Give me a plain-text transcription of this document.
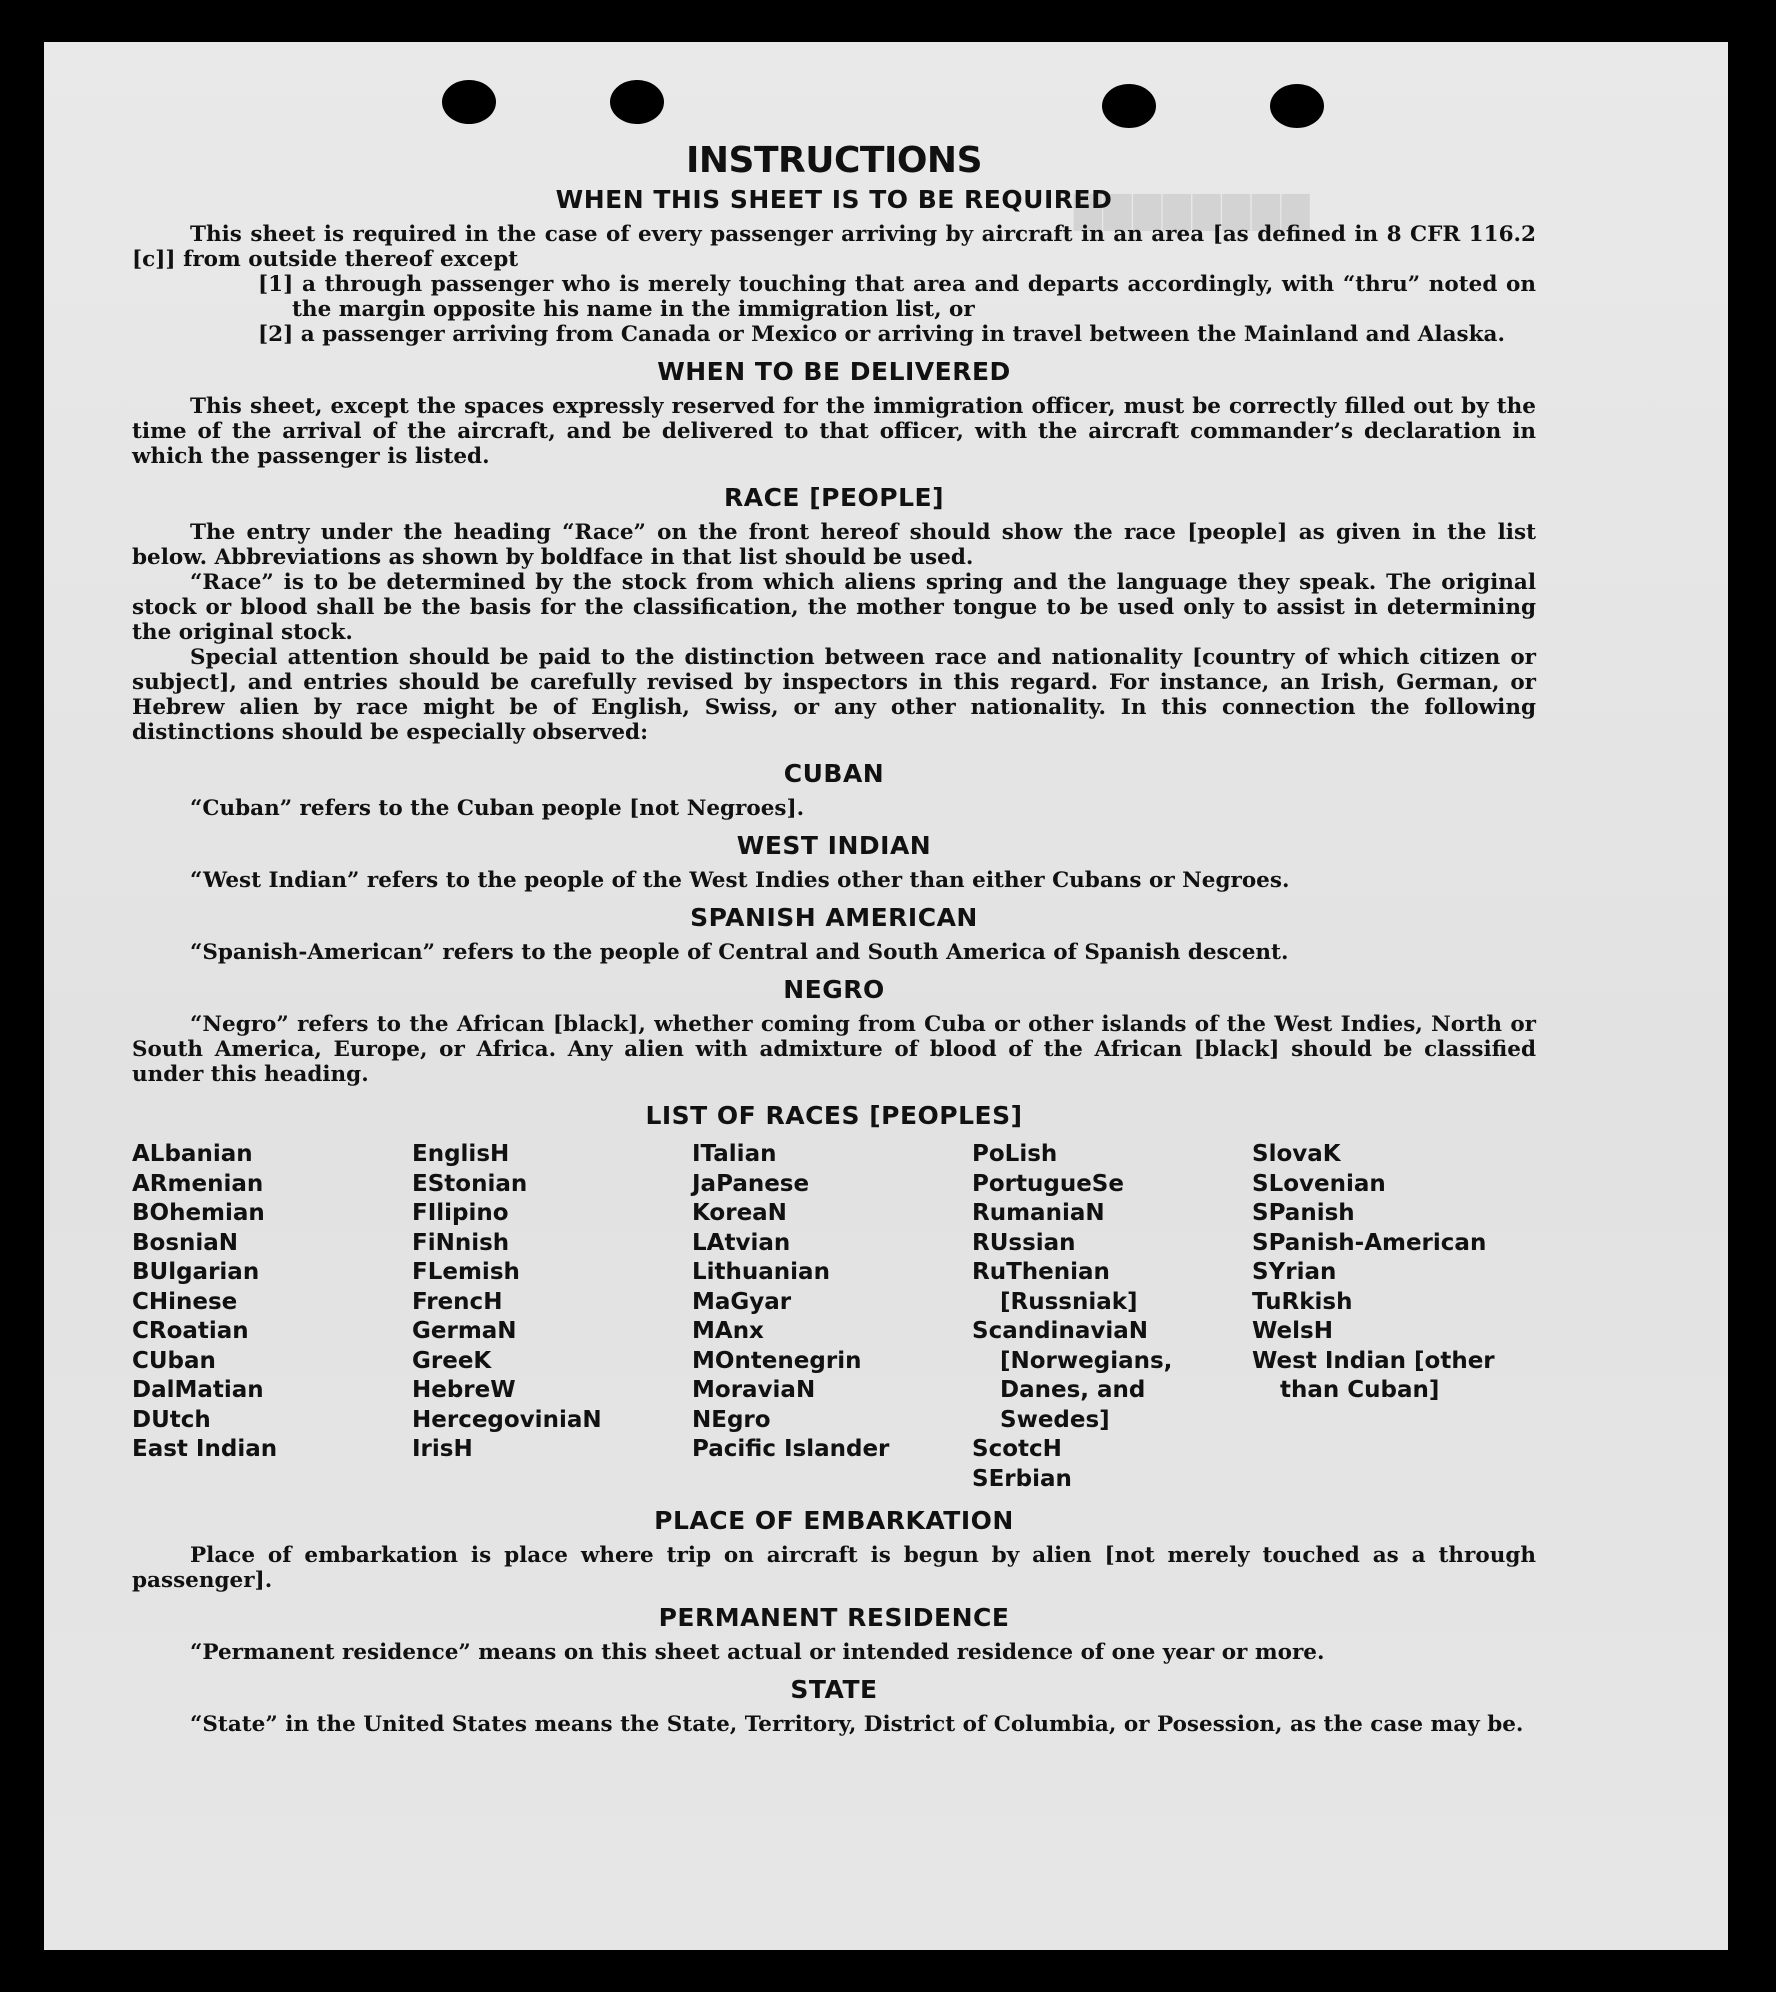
▇▇▇▇▇▇▇▇
INSTRUCTIONS
WHEN THIS SHEET IS TO BE REQUIRED

This sheet is required in the case of every passenger arriving by aircraft in an area [as defined in 8 CFR 116.2 [c]] from outside thereof except

[1] a through passenger who is merely touching that area and departs accordingly, with “thru” noted on the margin opposite his name in the immigration list, or
[2] a passenger arriving from Canada or Mexico or arriving in travel between the Mainland and Alaska.
WHEN TO BE DELIVERED

This sheet, except the spaces expressly reserved for the immigration officer, must be correctly filled out by the time of the arrival of the aircraft, and be delivered to that officer, with the aircraft commander’s declaration in which the passenger is listed.

RACE [PEOPLE]

The entry under the heading “Race” on the front hereof should show the race [people] as given in the list below. Abbreviations as shown by boldface in that list should be used.

“Race” is to be determined by the stock from which aliens spring and the language they speak. The original stock or blood shall be the basis for the classification, the mother tongue to be used only to assist in determining the original stock.

Special attention should be paid to the distinction between race and nationality [country of which citizen or subject], and entries should be carefully revised by inspectors in this regard. For instance, an Irish, German, or Hebrew alien by race might be of English, Swiss, or any other nationality. In this connection the following distinctions should be especially observed:

CUBAN

“Cuban” refers to the Cuban people [not Negroes].

WEST INDIAN

“West Indian” refers to the people of the West Indies other than either Cubans or Negroes.

SPANISH AMERICAN

“Spanish-American” refers to the people of Central and South America of Spanish descent.

NEGRO

“Negro” refers to the African [black], whether coming from Cuba or other islands of the West Indies, North or South America, Europe, or Africa. Any alien with admixture of blood of the African [black] should be classified under this heading.

LIST OF RACES [PEOPLES]
ALbanian
ARmenian
BOhemian
BosniaN
BUlgarian
CHinese
CRoatian
CUban
DalMatian
DUtch
East Indian
EnglisH
EStonian
FIlipino
FiNnish
FLemish
FrencH
GermaN
GreeK
HebreW
HercegoviniaN
IrisH
ITalian
JaPanese
KoreaN
LAtvian
Lithuanian
MaGyar
MAnx
MOntenegrin
MoraviaN
NEgro
Pacific Islander
PoLish
PortugueSe
RumaniaN
RUssian
RuThenian [Russniak]
ScandinaviaN [Norwegians, Danes, and Swedes]
ScotcH
SErbian
SlovaK
SLovenian
SPanish
SPanish-American
SYrian
TuRkish
WelsH
West Indian [other than Cuban]
PLACE OF EMBARKATION

Place of embarkation is place where trip on aircraft is begun by alien [not merely touched as a through passenger].

PERMANENT RESIDENCE

“Permanent residence” means on this sheet actual or intended residence of one year or more.

STATE

“State” in the United States means the State, Territory, District of Columbia, or Posession, as the case may be.
